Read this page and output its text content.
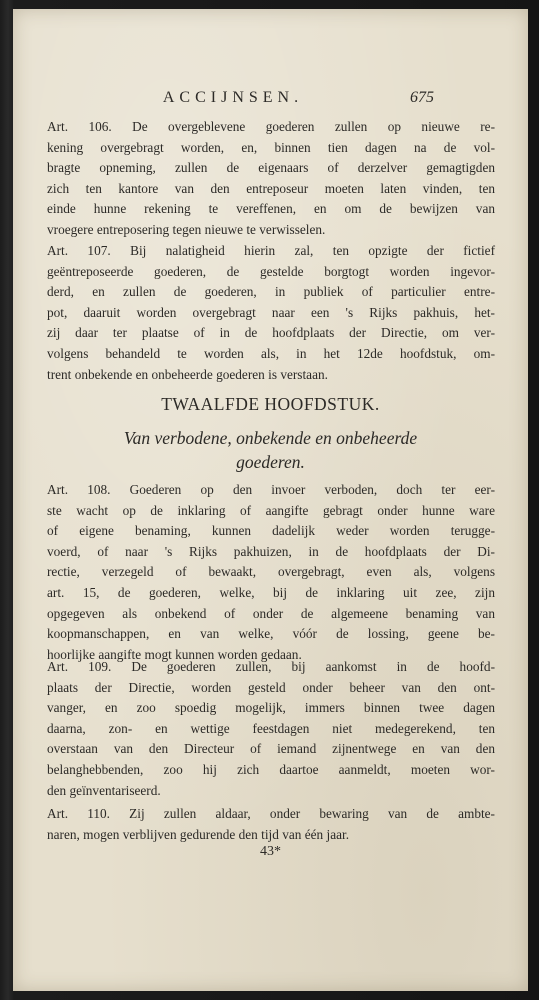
ACCIJNSEN.	675

Art. 106. De overgeblevene goederen zullen op nieuwe re-
kening overgebragt worden, en, binnen tien dagen na de vol-
bragte opneming, zullen de eigenaars of derzelver gemagtigden
zich ten kantore van den entreposeur moeten laten vinden, ten
einde hunne rekening te vereffenen, en om de bewijzen van
vroegere entreposering tegen nieuwe te verwisselen.

Art. 107. Bij nalatigheid hierin zal, ten opzigte der fictief
geëntreposeerde goederen, de gestelde borgtogt worden ingevor-
derd, en zullen de goederen, in publiek of particulier entre-
pot, daaruit worden overgebragt naar een 's Rijks pakhuis, het-
zij daar ter plaatse of in de hoofdplaats der Directie, om ver-
volgens behandeld te worden als, in het 12de hoofdstuk, om-
trent onbekende en onbeheerde goederen is verstaan.

TWAALFDE HOOFDSTUK.
Van verbodene, onbekende en onbeheerde
goederen.

Art. 108. Goederen op den invoer verboden, doch ter eer-
ste wacht op de inklaring of aangifte gebragt onder hunne ware
of eigene benaming, kunnen dadelijk weder worden terugge-
voerd, of naar 's Rijks pakhuizen, in de hoofdplaats der Di-
rectie, verzegeld of bewaakt, overgebragt, even als, volgens
art. 15, de goederen, welke, bij de inklaring uit zee, zijn
opgegeven als onbekend of onder de algemeene benaming van
koopmanschappen, en van welke, vóór de lossing, geene be-
hoorlijke aangifte mogt kunnen worden gedaan.

Art. 109. De goederen zullen, bij aankomst in de hoofd-
plaats der Directie, worden gesteld onder beheer van den ont-
vanger, en zoo spoedig mogelijk, immers binnen twee dagen
daarna, zon- en wettige feestdagen niet medegerekend, ten
overstaan van den Directeur of iemand zijnentwege en van den
belanghebbenden, zoo hij zich daartoe aanmeldt, moeten wor-
den geïnventariseerd.

Art. 110. Zij zullen aldaar, onder bewaring van de ambte-
naren, mogen verblijven gedurende den tijd van één jaar.

43*
